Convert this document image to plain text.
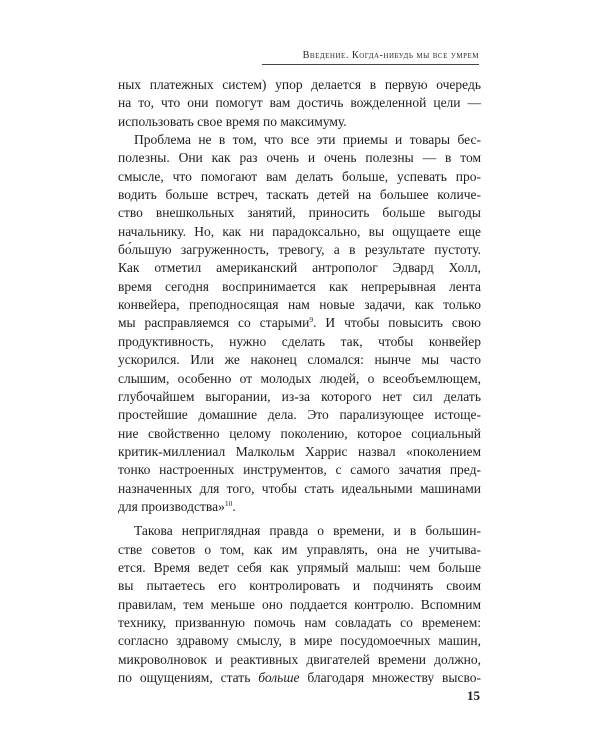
Введение. Когда-нибудь мы все умрем

ных платежных систем) упор делается в первую очередь
на то, что они помогут вам достичь вожделенной цели —
использовать свое время по максимуму.

Проблема не в том, что все эти приемы и товары бес-
полезны. Они как раз очень и очень полезны — в том
смысле, что помогают вам делать больше, успевать про-
водить больше встреч, таскать детей на большее количе-
ство внешкольных занятий, приносить больше выгоды
начальнику. Но, как ни парадоксально, вы ощущаете еще
бо́льшую загруженность, тревогу, а в результате пустоту.
Как отметил американский антрополог Эдвард Холл,
время сегодня воспринимается как непрерывная лента
конвейера, преподносящая нам новые задачи, как только
мы расправляемся со старыми$^9$. И чтобы повысить свою
продуктивность, нужно сделать так, чтобы конвейер
ускорился. Или же наконец сломался: нынче мы часто
слышим, особенно от молодых людей, о всеобъемлющем,
глубочайшем выгорании, из-за которого нет сил делать
простейшие домашние дела. Это парализующее истоще-
ние свойственно целому поколению, которое социальный
критик-миллениал Малкольм Харрис назвал «поколением
тонко настроенных инструментов, с самого зачатия пред-
назначенных для того, чтобы стать идеальными машинами
для производства»$^{10}$.

Такова неприглядная правда о времени, и в большин-
стве советов о том, как им управлять, она не учитыва-
ется. Время ведет себя как упрямый малыш: чем больше
вы пытаетесь его контролировать и подчинять своим
правилам, тем меньше оно поддается контролю. Вспомним
технику, призванную помочь нам совладать со временем:
согласно здравому смыслу, в мире посудомоечных машин,
микроволновок и реактивных двигателей времени должно,
по ощущениям, стать больше благодаря множеству высво-

15
